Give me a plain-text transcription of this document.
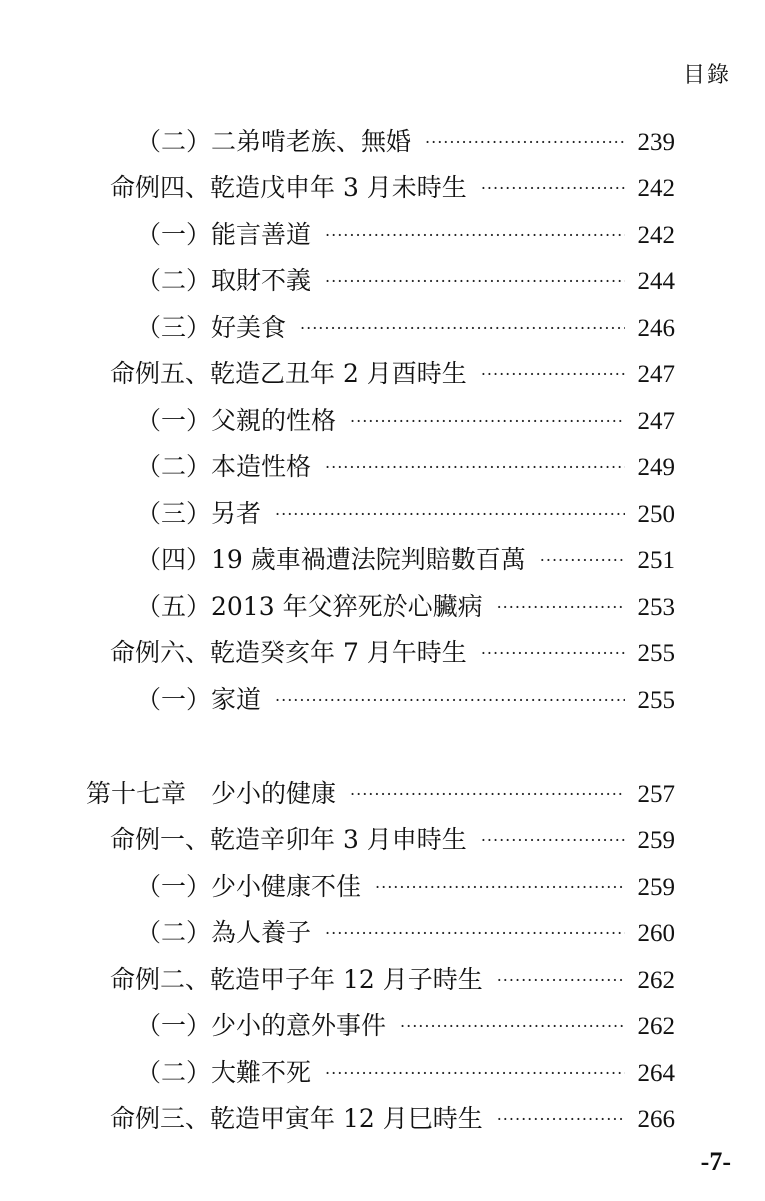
目錄
（二）二弟啃老族、無婚 .....	239
命例四、乾造戊申年 3 月未時生 .....	242
（一）能言善道 .....	242
（二）取財不義 .....	244
（三）好美食 .....	246
命例五、乾造乙丑年 2 月酉時生 .....	247
（一）父親的性格 .....	247
（二）本造性格 .....	249
（三）另者 .....	250
（四）19 歲車禍遭法院判賠數百萬 .....	251
（五）2013 年父猝死於心臟病 .....	253
命例六、乾造癸亥年 7 月午時生 .....	255
（一）家道 .....	255
第十七章　少小的健康 .....	257
命例一、乾造辛卯年 3 月申時生 .....	259
（一）少小健康不佳 .....	259
（二）為人養子 .....	260
命例二、乾造甲子年 12 月子時生 .....	262
（一）少小的意外事件 .....	262
（二）大難不死 .....	264
命例三、乾造甲寅年 12 月巳時生 .....	266
-7-
